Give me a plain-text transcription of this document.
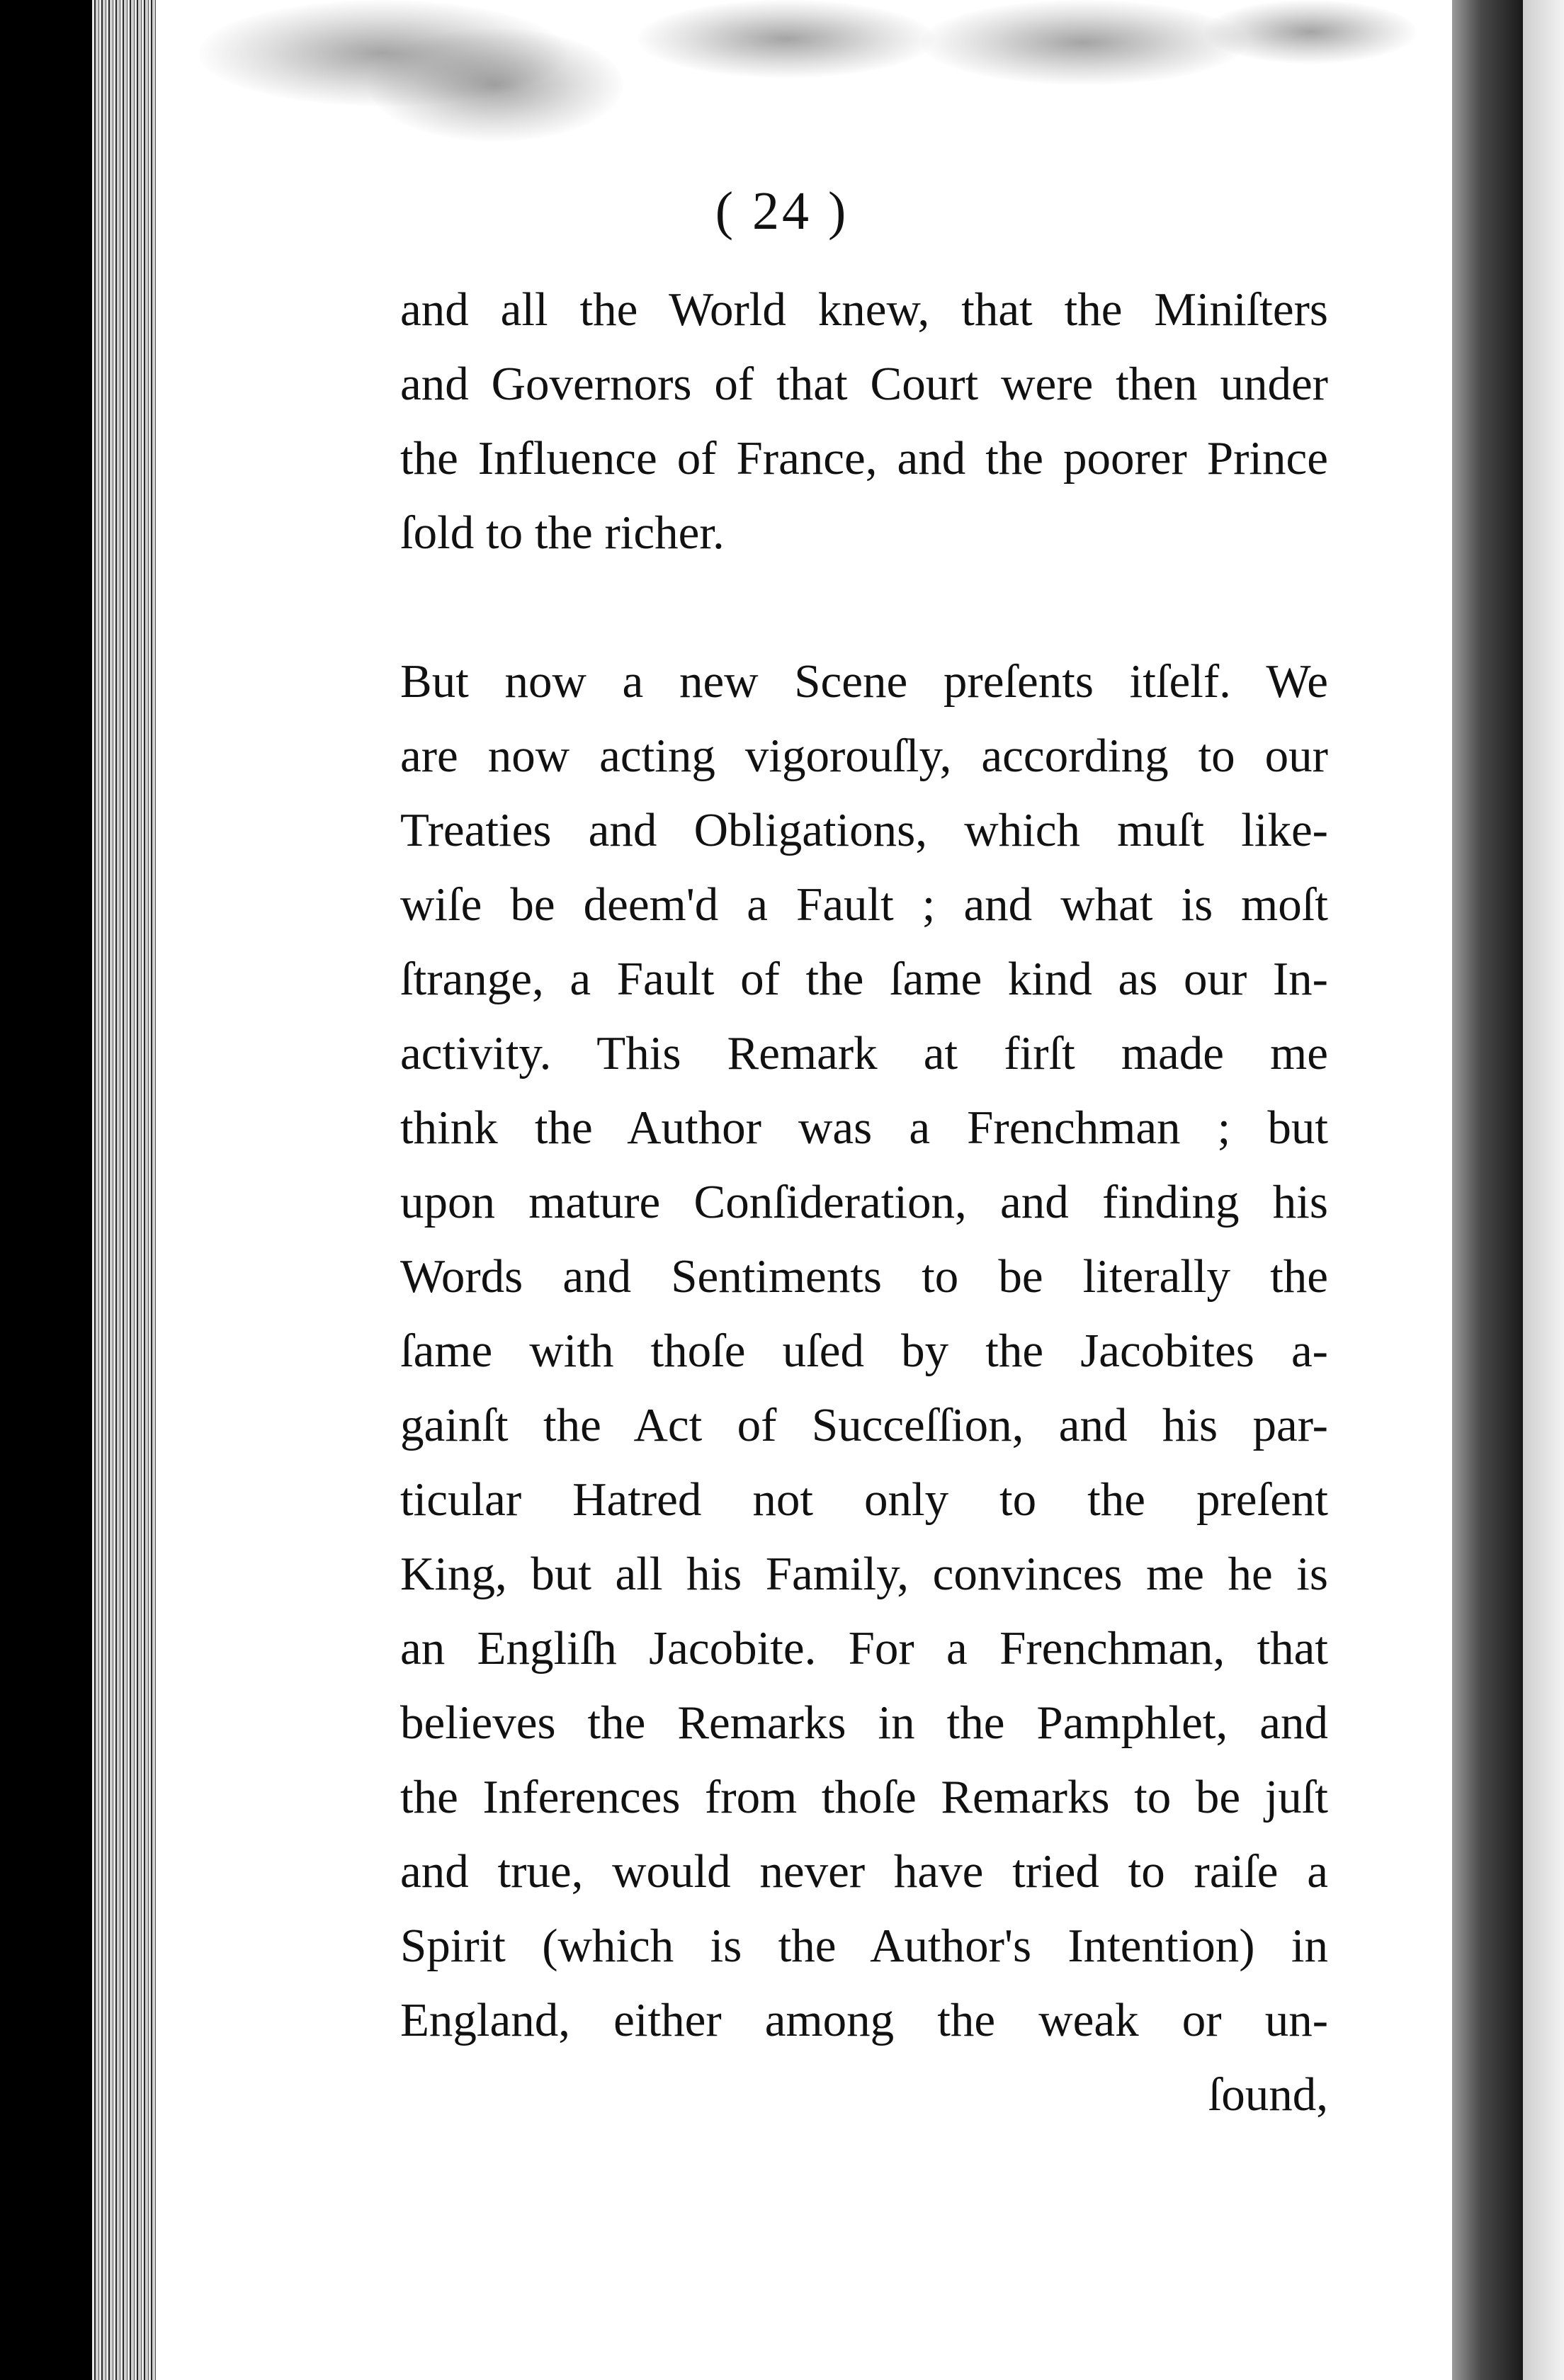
( 24 )

and all the World knew, that the Miniſters
and Governors of that Court were then under
the Influence of France, and the poorer Prince
ſold to the richer.

But now a new Scene preſents itſelf. We
are now acting vigorouſly, according to our
Treaties and Obligations, which muſt like-
wiſe be deem'd a Fault ; and what is moſt
ſtrange, a Fault of the ſame kind as our In-
activity. This Remark at firſt made me
think the Author was a Frenchman ; but
upon mature Conſideration, and finding his
Words and Sentiments to be literally the
ſame with thoſe uſed by the Jacobites a-
gainſt the Act of Succeſſion, and his par-
ticular Hatred not only to the preſent
King, but all his Family, convinces me he is
an Engliſh Jacobite. For a Frenchman, that
believes the Remarks in the Pamphlet, and
the Inferences from thoſe Remarks to be juſt
and true, would never have tried to raiſe a
Spirit (which is the Author's Intention) in
England, either among the weak or un-
ſound,
